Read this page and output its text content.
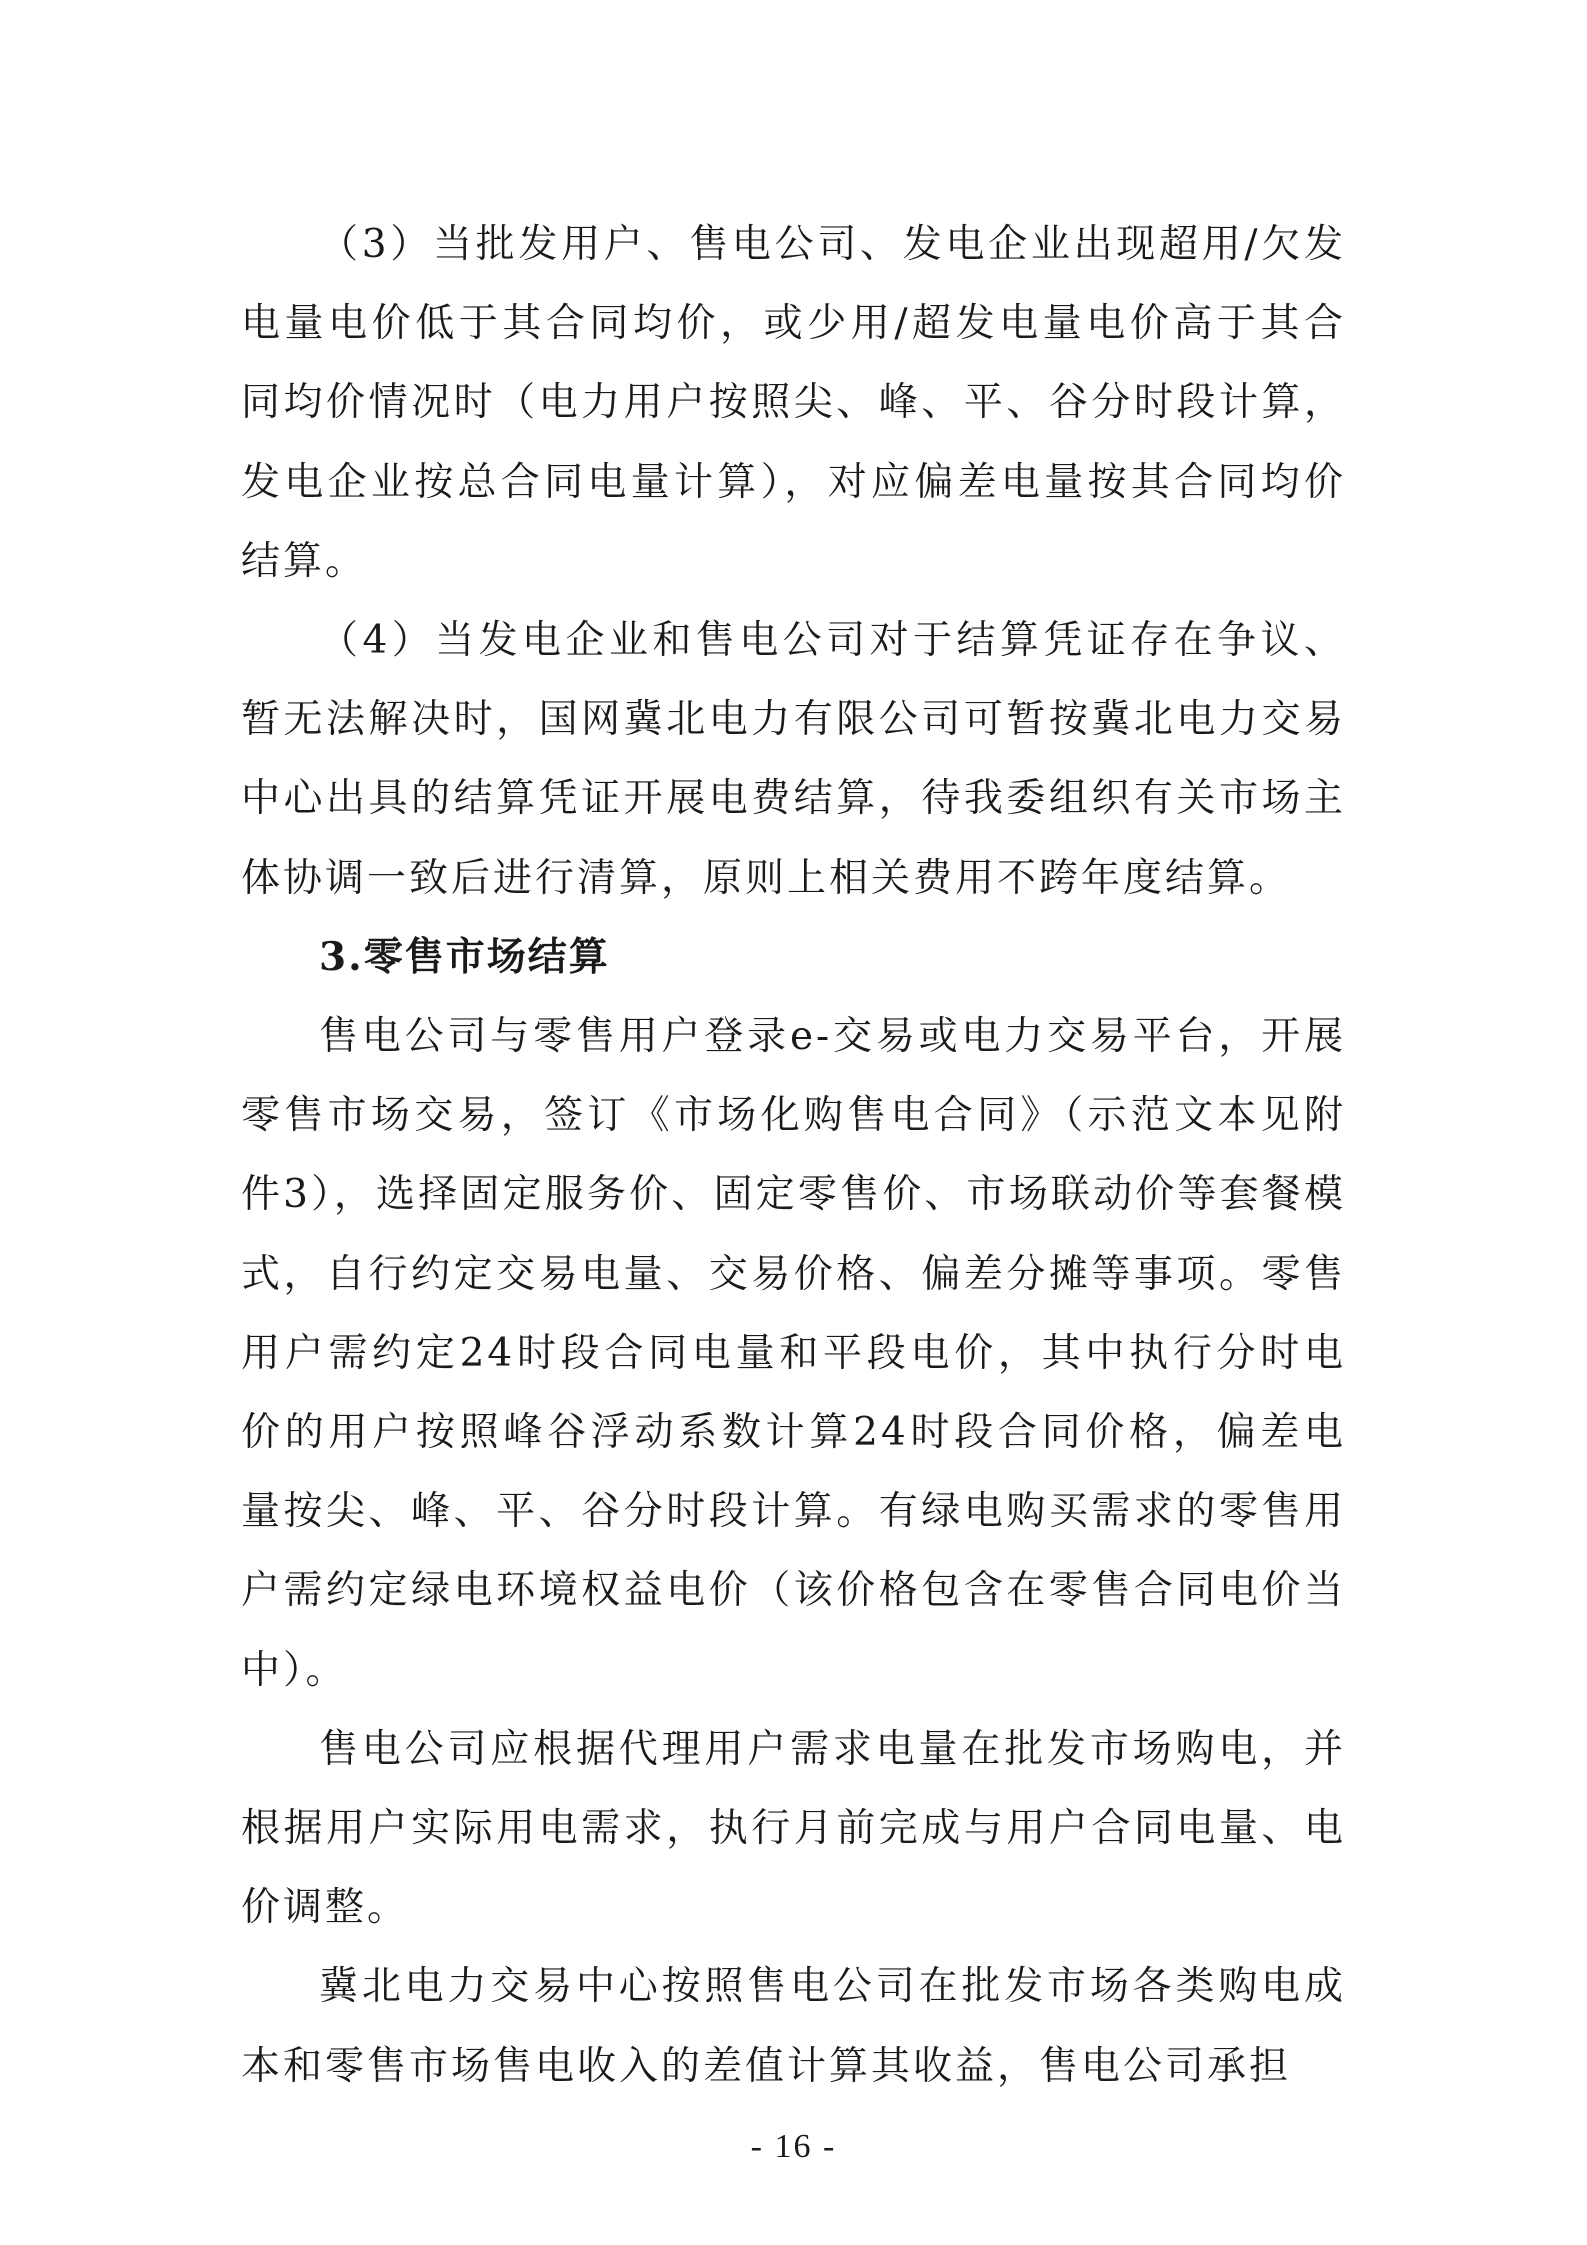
（3）当批发用户、售电公司、发电企业出现超用/欠发电量电价低于其合同均价，或少用/超发电量电价高于其合同均价情况时（电力用户按照尖、峰、平、谷分时段计算，发电企业按总合同电量计算），对应偏差电量按其合同均价结算。

（4）当发电企业和售电公司对于结算凭证存在争议、暂无法解决时，国网冀北电力有限公司可暂按冀北电力交易中心出具的结算凭证开展电费结算，待我委组织有关市场主体协调一致后进行清算，原则上相关费用不跨年度结算。

3.零售市场结算

售电公司与零售用户登录e-交易或电力交易平台，开展零售市场交易，签订《市场化购售电合同》（示范文本见附件3），选择固定服务价、固定零售价、市场联动价等套餐模式，自行约定交易电量、交易价格、偏差分摊等事项。零售用户需约定24时段合同电量和平段电价，其中执行分时电价的用户按照峰谷浮动系数计算24时段合同价格，偏差电量按尖、峰、平、谷分时段计算。有绿电购买需求的零售用户需约定绿电环境权益电价（该价格包含在零售合同电价当中）。

售电公司应根据代理用户需求电量在批发市场购电，并根据用户实际用电需求，执行月前完成与用户合同电量、电价调整。

冀北电力交易中心按照售电公司在批发市场各类购电成本和零售市场售电收入的差值计算其收益，售电公司承担

- 16 -
